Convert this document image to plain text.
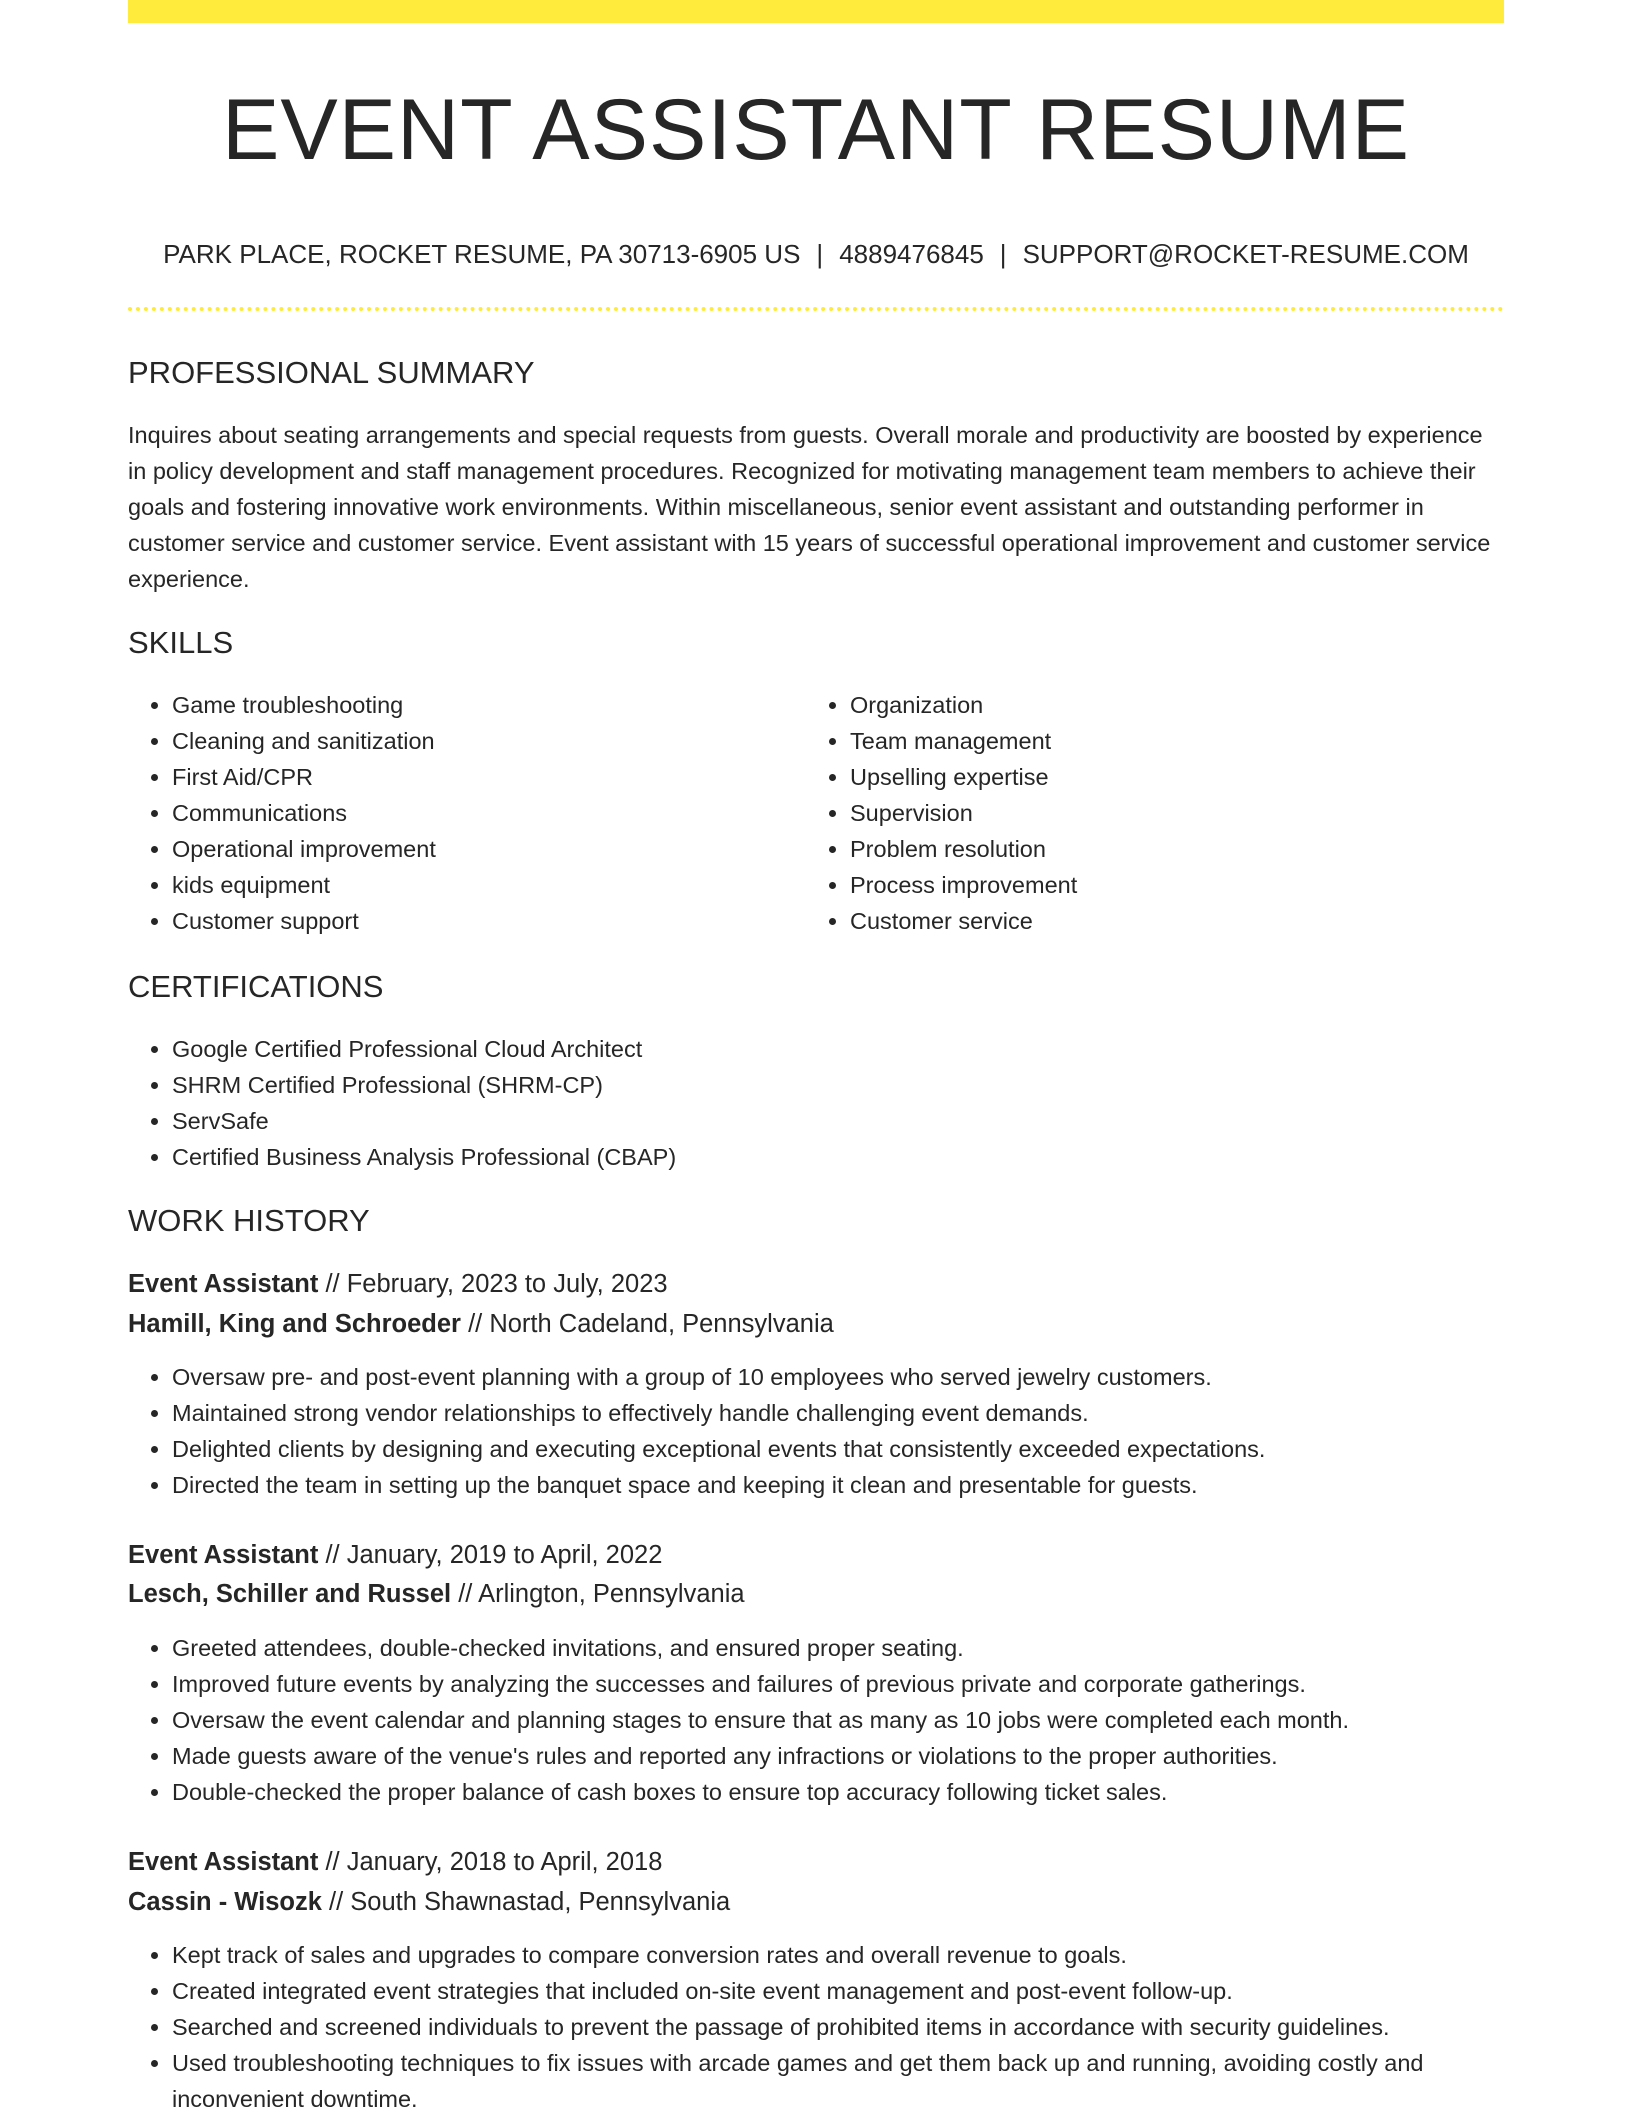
EVENT ASSISTANT RESUME
PARK PLACE, ROCKET RESUME, PA 30713-6905 US | 4889476845 | SUPPORT@ROCKET-RESUME.COM
PROFESSIONAL SUMMARY

Inquires about seating arrangements and special requests from guests. Overall morale and productivity are boosted by experience in policy development and staff management procedures. Recognized for motivating management team members to achieve their goals and fostering innovative work environments. Within miscellaneous, senior event assistant and outstanding performer in customer service and customer service. Event assistant with 15 years of successful operational improvement and customer service experience.

SKILLS
• Game troubleshooting
• Cleaning and sanitization
• First Aid/CPR
• Communications
• Operational improvement
• kids equipment
• Customer support
• Organization
• Team management
• Upselling expertise
• Supervision
• Problem resolution
• Process improvement
• Customer service
CERTIFICATIONS
• Google Certified Professional Cloud Architect
• SHRM Certified Professional (SHRM-CP)
• ServSafe
• Certified Business Analysis Professional (CBAP)
WORK HISTORY
Event Assistant // February, 2023 to July, 2023
Hamill, King and Schroeder // North Cadeland, Pennsylvania
• Oversaw pre- and post-event planning with a group of 10 employees who served jewelry customers.
• Maintained strong vendor relationships to effectively handle challenging event demands.
• Delighted clients by designing and executing exceptional events that consistently exceeded expectations.
• Directed the team in setting up the banquet space and keeping it clean and presentable for guests.
Event Assistant // January, 2019 to April, 2022
Lesch, Schiller and Russel // Arlington, Pennsylvania
• Greeted attendees, double-checked invitations, and ensured proper seating.
• Improved future events by analyzing the successes and failures of previous private and corporate gatherings.
• Oversaw the event calendar and planning stages to ensure that as many as 10 jobs were completed each month.
• Made guests aware of the venue's rules and reported any infractions or violations to the proper authorities.
• Double-checked the proper balance of cash boxes to ensure top accuracy following ticket sales.
Event Assistant // January, 2018 to April, 2018
Cassin - Wisozk // South Shawnastad, Pennsylvania
• Kept track of sales and upgrades to compare conversion rates and overall revenue to goals.
• Created integrated event strategies that included on-site event management and post-event follow-up.
• Searched and screened individuals to prevent the passage of prohibited items in accordance with security guidelines.
• Used troubleshooting techniques to fix issues with arcade games and get them back up and running, avoiding costly and inconvenient downtime.
